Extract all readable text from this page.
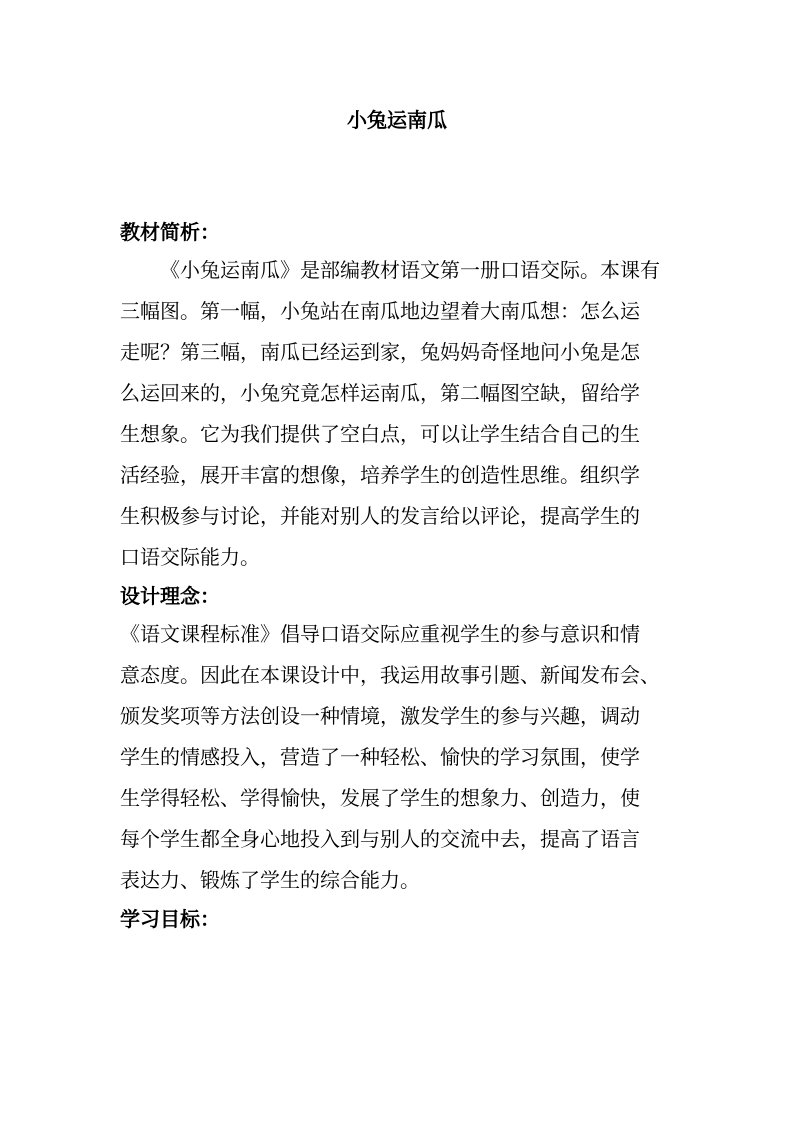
小兔运南瓜
教材简析：
《小兔运南瓜》是部编教材语文第一册口语交际。本课有
三幅图。第一幅，小兔站在南瓜地边望着大南瓜想：怎么运
走呢？第三幅，南瓜已经运到家，兔妈妈奇怪地问小兔是怎
么运回来的，小兔究竟怎样运南瓜，第二幅图空缺，留给学
生想象。它为我们提供了空白点，可以让学生结合自己的生
活经验，展开丰富的想像，培养学生的创造性思维。组织学
生积极参与讨论，并能对别人的发言给以评论，提高学生的
口语交际能力。
设计理念：
《语文课程标准》倡导口语交际应重视学生的参与意识和情
意态度。因此在本课设计中，我运用故事引题、新闻发布会、
颁发奖项等方法创设一种情境，激发学生的参与兴趣，调动
学生的情感投入，营造了一种轻松、愉快的学习氛围，使学
生学得轻松、学得愉快，发展了学生的想象力、创造力，使
每个学生都全身心地投入到与别人的交流中去，提高了语言
表达力、锻炼了学生的综合能力。
学习目标：
